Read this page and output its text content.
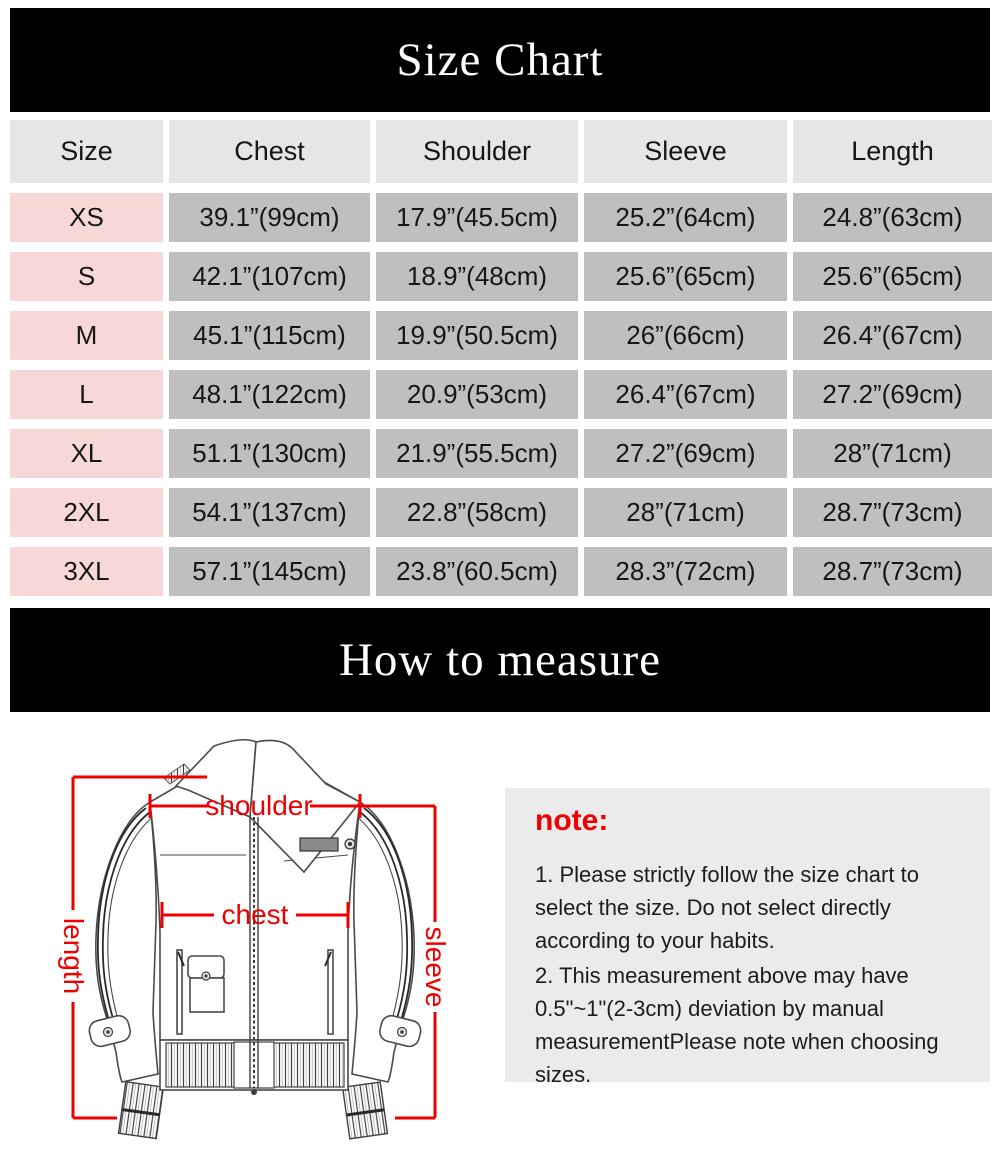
Size Chart
Size	Chest	Shoulder	Sleeve	Length
XS	39.1”(99cm)	17.9”(45.5cm)	25.2”(64cm)	24.8”(63cm)
S	42.1”(107cm)	18.9”(48cm)	25.6”(65cm)	25.6”(65cm)
M	45.1”(115cm)	19.9”(50.5cm)	26”(66cm)	26.4”(67cm)
L	48.1”(122cm)	20.9”(53cm)	26.4”(67cm)	27.2”(69cm)
XL	51.1”(130cm)	21.9”(55.5cm)	27.2”(69cm)	28”(71cm)
2XL	54.1”(137cm)	22.8”(58cm)	28”(71cm)	28.7”(73cm)
3XL	57.1”(145cm)	23.8”(60.5cm)	28.3”(72cm)	28.7”(73cm)
How to measure
length
shoulder
chest
sleeve
note:

1. Please strictly follow the size chart to select the size. Do not select directly according to your habits.

2. This measurement above may have 0.5"~1"(2-3cm) deviation by manual measurementPlease note when choosing sizes.
